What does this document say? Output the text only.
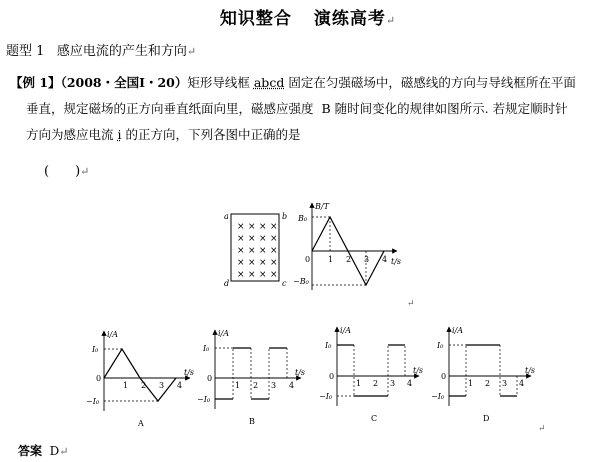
知识整合 演练高考↵
题型 1 感应电流的产生和方向↵
【例 1】（2008・全国Ⅰ・20）矩形导线框 abcd 固定在匀强磁场中，磁感线的方向与导线框所在平面
垂直，规定磁场的正方向垂直纸面向里，磁感应强度 B 随时间变化的规律如图所示. 若规定顺时针
方向为感应电流 i 的正方向，下列各图中正确的是
(　　)↵
× × × ×
× × × ×
× × × ×
× × × ×
× × × ×
a	b
c
d
B/T
t/s
B₀
−B₀
0 1 2 3 4
↵
i/A
t/s
I₀
−I₀
0
1 2 3 4
A
i/A
t/s
I₀
−I₀
0
1 2 3 4
B
i/A
t/s
I₀
−I₀
0
1 2 3 4
C
i/A
t/s
I₀
−I₀
0
1 2 3 4
D
↵
答案 D↵
